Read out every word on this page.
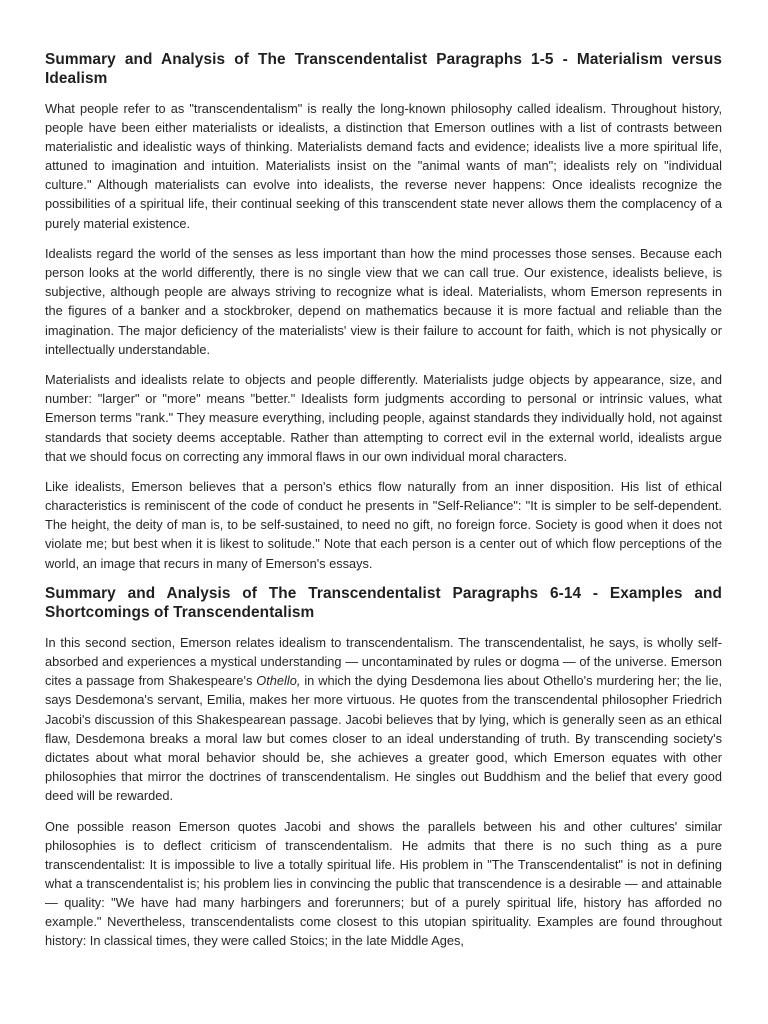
Summary and Analysis of The Transcendentalist Paragraphs 1-5 - Materialism versus Idealism

What people refer to as "transcendentalism" is really the long-known philosophy called idealism. Throughout history, people have been either materialists or idealists, a distinction that Emerson outlines with a list of contrasts between materialistic and idealistic ways of thinking. Materialists demand facts and evidence; idealists live a more spiritual life, attuned to imagination and intuition. Materialists insist on the "animal wants of man"; idealists rely on "individual culture." Although materialists can evolve into idealists, the reverse never happens: Once idealists recognize the possibilities of a spiritual life, their continual seeking of this transcendent state never allows them the complacency of a purely material existence.

Idealists regard the world of the senses as less important than how the mind processes those senses. Because each person looks at the world differently, there is no single view that we can call true. Our existence, idealists believe, is subjective, although people are always striving to recognize what is ideal. Materialists, whom Emerson represents in the figures of a banker and a stockbroker, depend on mathematics because it is more factual and reliable than the imagination. The major deficiency of the materialists' view is their failure to account for faith, which is not physically or intellectually understandable.

Materialists and idealists relate to objects and people differently. Materialists judge objects by appearance, size, and number: "larger" or "more" means "better." Idealists form judgments according to personal or intrinsic values, what Emerson terms "rank." They measure everything, including people, against standards they individually hold, not against standards that society deems acceptable. Rather than attempting to correct evil in the external world, idealists argue that we should focus on correcting any immoral flaws in our own individual moral characters.

Like idealists, Emerson believes that a person's ethics flow naturally from an inner disposition. His list of ethical characteristics is reminiscent of the code of conduct he presents in "Self-Reliance": "It is simpler to be self-dependent. The height, the deity of man is, to be self-sustained, to need no gift, no foreign force. Society is good when it does not violate me; but best when it is likest to solitude." Note that each person is a center out of which flow perceptions of the world, an image that recurs in many of Emerson's essays.

Summary and Analysis of The Transcendentalist Paragraphs 6-14 - Examples and Shortcomings of Transcendentalism

In this second section, Emerson relates idealism to transcendentalism. The transcendentalist, he says, is wholly self-absorbed and experiences a mystical understanding — uncontaminated by rules or dogma — of the universe. Emerson cites a passage from Shakespeare's Othello, in which the dying Desdemona lies about Othello's murdering her; the lie, says Desdemona's servant, Emilia, makes her more virtuous. He quotes from the transcendental philosopher Friedrich Jacobi's discussion of this Shakespearean passage. Jacobi believes that by lying, which is generally seen as an ethical flaw, Desdemona breaks a moral law but comes closer to an ideal understanding of truth. By transcending society's dictates about what moral behavior should be, she achieves a greater good, which Emerson equates with other philosophies that mirror the doctrines of transcendentalism. He singles out Buddhism and the belief that every good deed will be rewarded.

One possible reason Emerson quotes Jacobi and shows the parallels between his and other cultures' similar philosophies is to deflect criticism of transcendentalism. He admits that there is no such thing as a pure transcendentalist: It is impossible to live a totally spiritual life. His problem in "The Transcendentalist" is not in defining what a transcendentalist is; his problem lies in convincing the public that transcendence is a desirable — and attainable — quality: "We have had many harbingers and forerunners; but of a purely spiritual life, history has afforded no example." Nevertheless, transcendentalists come closest to this utopian spirituality. Examples are found throughout history: In classical times, they were called Stoics; in the late Middle Ages,
